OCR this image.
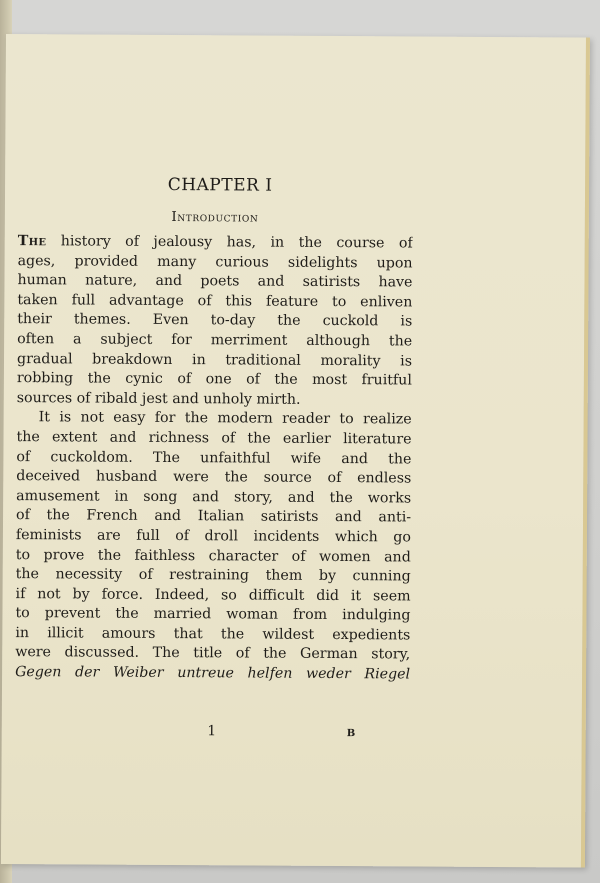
CHAPTER I
Introduction
The history of jealousy has, in the course of
ages, provided many curious sidelights upon
human nature, and poets and satirists have
taken full advantage of this feature to enliven
their themes. Even to-day the cuckold is
often a subject for merriment although the
gradual breakdown in traditional morality is
robbing the cynic of one of the most fruitful
sources of ribald jest and unholy mirth.
It is not easy for the modern reader to realize
the extent and richness of the earlier literature
of cuckoldom. The unfaithful wife and the
deceived husband were the source of endless
amusement in song and story, and the works
of the French and Italian satirists and anti-
feminists are full of droll incidents which go
to prove the faithless character of women and
the necessity of restraining them by cunning
if not by force. Indeed, so difficult did it seem
to prevent the married woman from indulging
in illicit amours that the wildest expedients
were discussed. The title of the German story,
Gegen der Weiber untreue helfen weder Riegel
1	B
